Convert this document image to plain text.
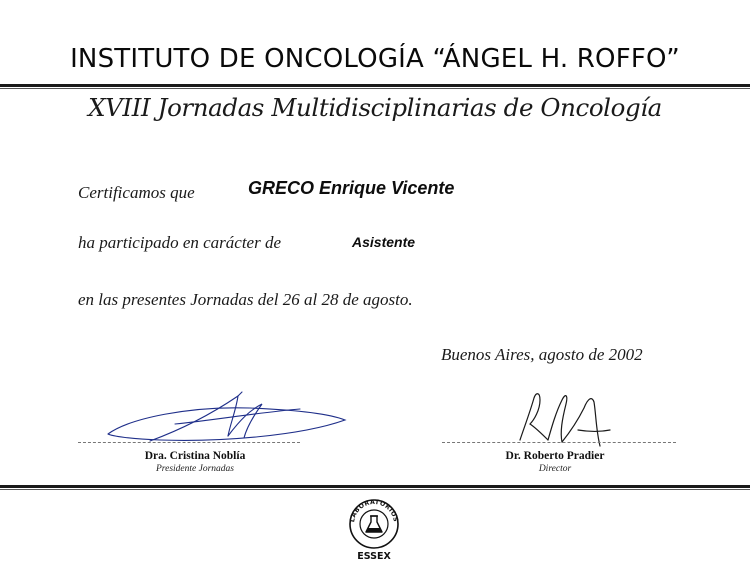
INSTITUTO DE ONCOLOGÍA “ÁNGEL H. ROFFO”
XVIII Jornadas Multidisciplinarias de Oncología
Certificamos que	GRECO Enrique Vicente
ha participado en carácter de	Asistente
en las presentes Jornadas del 26 al 28 de agosto.
Buenos Aires, agosto de 2002
Dra. Cristina Noblía
Presidente Jornadas
Dr. Roberto Pradier
Director
LABORATORIOS
ESSEX
